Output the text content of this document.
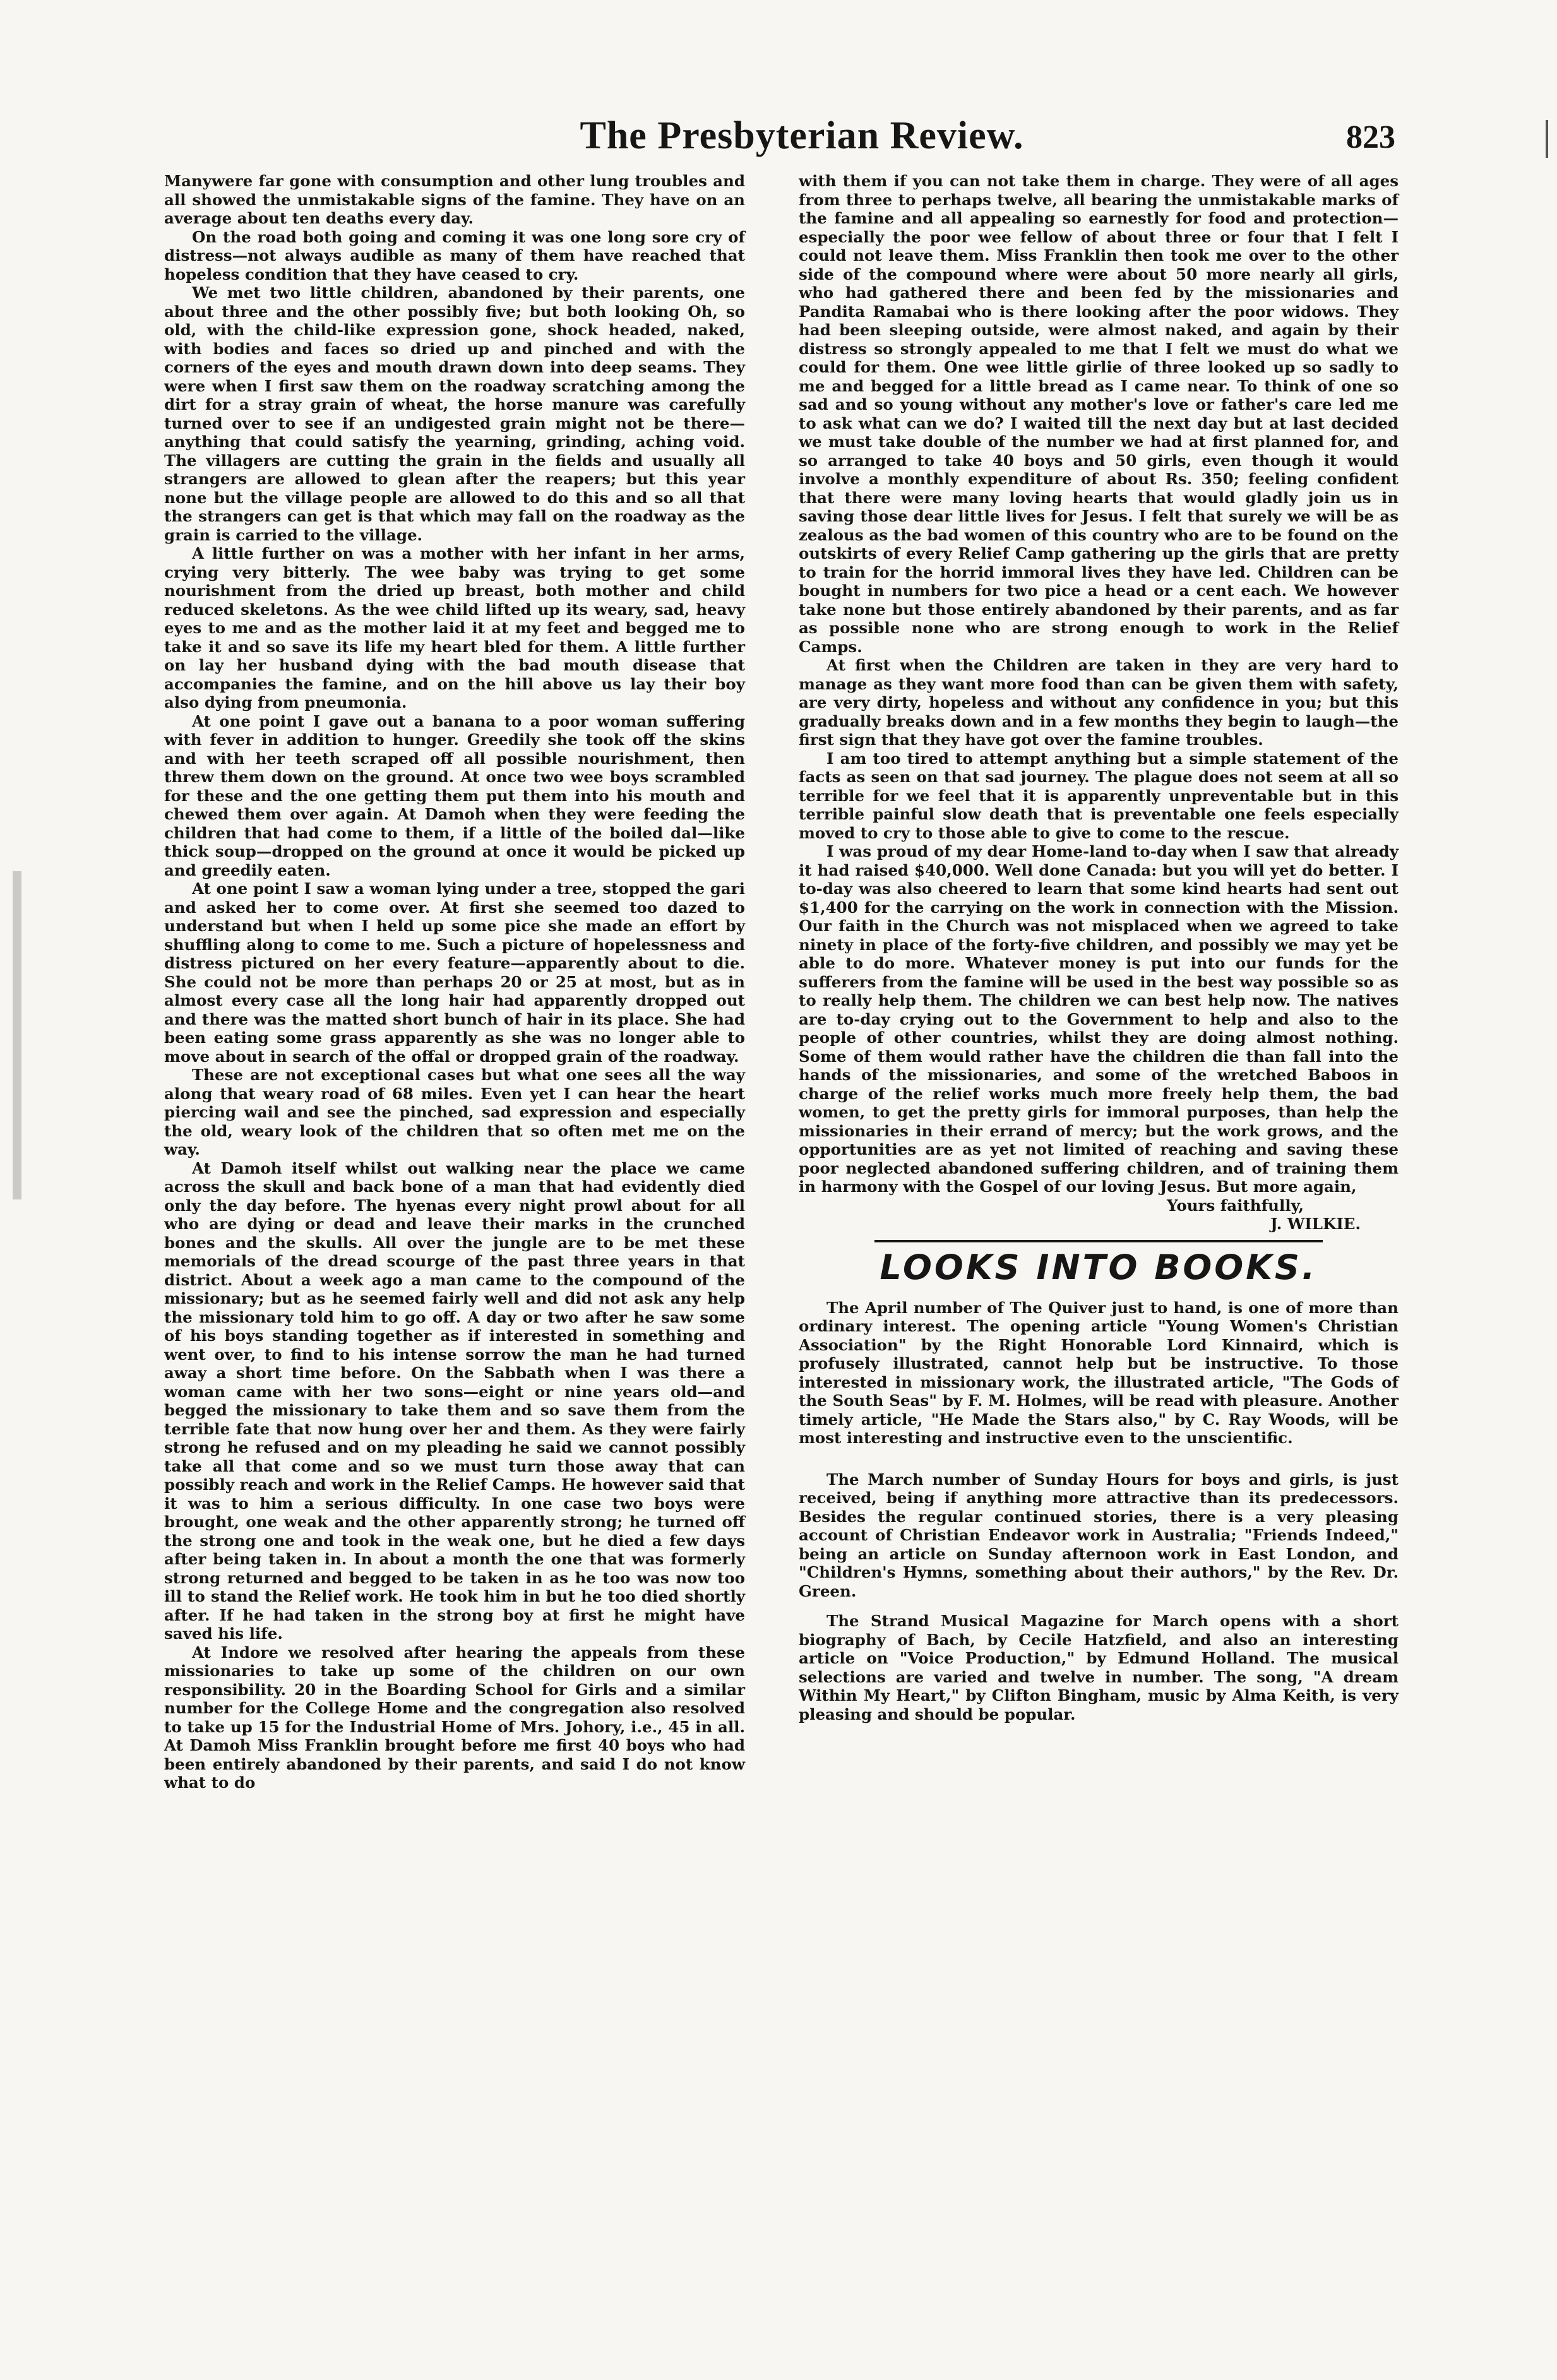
The Presbyterian Review.	823

Manywere far gone with consumption and other lung troubles and all showed the unmistakable signs of the famine. They have on an average about ten deaths every day.

On the road both going and coming it was one long sore cry of distress—not always audible as many of them have reached that hopeless condition that they have ceased to cry.

We met two little children, abandoned by their parents, one about three and the other possibly five; but both looking Oh, so old, with the child-like expression gone, shock headed, naked, with bodies and faces so dried up and pinched and with the corners of the eyes and mouth drawn down into deep seams. They were when I first saw them on the roadway scratching among the dirt for a stray grain of wheat, the horse manure was carefully turned over to see if an undigested grain might not be there—anything that could satisfy the yearning, grinding, aching void. The villagers are cutting the grain in the fields and usually all strangers are allowed to glean after the reapers; but this year none but the village people are allowed to do this and so all that the strangers can get is that which may fall on the roadway as the grain is carried to the village.

A little further on was a mother with her infant in her arms, crying very bitterly. The wee baby was trying to get some nourishment from the dried up breast, both mother and child reduced skeletons. As the wee child lifted up its weary, sad, heavy eyes to me and as the mother laid it at my feet and begged me to take it and so save its life my heart bled for them. A little further on lay her husband dying with the bad mouth disease that accompanies the famine, and on the hill above us lay their boy also dying from pneumonia.

At one point I gave out a banana to a poor woman suffering with fever in addition to hunger. Greedily she took off the skins and with her teeth scraped off all possible nourishment, then threw them down on the ground. At once two wee boys scrambled for these and the one getting them put them into his mouth and chewed them over again. At Damoh when they were feeding the children that had come to them, if a little of the boiled dal—like thick soup—dropped on the ground at once it would be picked up and greedily eaten.

At one point I saw a woman lying under a tree, stopped the gari and asked her to come over. At first she seemed too dazed to understand but when I held up some pice she made an effort by shuffling along to come to me. Such a picture of hopelessness and distress pictured on her every feature—apparently about to die. She could not be more than perhaps 20 or 25 at most, but as in almost every case all the long hair had apparently dropped out and there was the matted short bunch of hair in its place. She had been eating some grass apparently as she was no longer able to move about in search of the offal or dropped grain of the roadway.

These are not exceptional cases but what one sees all the way along that weary road of 68 miles. Even yet I can hear the heart piercing wail and see the pinched, sad expression and especially the old, weary look of the children that so often met me on the way.

At Damoh itself whilst out walking near the place we came across the skull and back bone of a man that had evidently died only the day before. The hyenas every night prowl about for all who are dying or dead and leave their marks in the crunched bones and the skulls. All over the jungle are to be met these memorials of the dread scourge of the past three years in that district. About a week ago a man came to the compound of the missionary; but as he seemed fairly well and did not ask any help the missionary told him to go off. A day or two after he saw some of his boys standing together as if interested in something and went over, to find to his intense sorrow the man he had turned away a short time before. On the Sabbath when I was there a woman came with her two sons—eight or nine years old—and begged the missionary to take them and so save them from the terrible fate that now hung over her and them. As they were fairly strong he refused and on my pleading he said we cannot possibly take all that come and so we must turn those away that can possibly reach and work in the Relief Camps. He however said that it was to him a serious difficulty. In one case two boys were brought, one weak and the other apparently strong; he turned off the strong one and took in the weak one, but he died a few days after being taken in. In about a month the one that was formerly strong returned and begged to be taken in as he too was now too ill to stand the Relief work. He took him in but he too died shortly after. If he had taken in the strong boy at first he might have saved his life.

At Indore we resolved after hearing the appeals from these missionaries to take up some of the children on our own responsibility. 20 in the Boarding School for Girls and a similar number for the College Home and the congregation also resolved to take up 15 for the Industrial Home of Mrs. Johory, i.e., 45 in all. At Damoh Miss Franklin brought before me first 40 boys who had been entirely abandoned by their parents, and said I do not know what to do

with them if you can not take them in charge. They were of all ages from three to perhaps twelve, all bearing the unmistakable marks of the famine and all appealing so earnestly for food and protection—especially the poor wee fellow of about three or four that I felt I could not leave them. Miss Franklin then took me over to the other side of the compound where were about 50 more nearly all girls, who had gathered there and been fed by the missionaries and Pandita Ramabai who is there looking after the poor widows. They had been sleeping outside, were almost naked, and again by their distress so strongly appealed to me that I felt we must do what we could for them. One wee little girlie of three looked up so sadly to me and begged for a little bread as I came near. To think of one so sad and so young without any mother's love or father's care led me to ask what can we do? I waited till the next day but at last decided we must take double of the number we had at first planned for, and so arranged to take 40 boys and 50 girls, even though it would involve a monthly expenditure of about Rs. 350; feeling confident that there were many loving hearts that would gladly join us in saving those dear little lives for Jesus. I felt that surely we will be as zealous as the bad women of this country who are to be found on the outskirts of every Relief Camp gathering up the girls that are pretty to train for the horrid immoral lives they have led. Children can be bought in numbers for two pice a head or a cent each. We however take none but those entirely abandoned by their parents, and as far as possible none who are strong enough to work in the Relief Camps.

At first when the Children are taken in they are very hard to manage as they want more food than can be given them with safety, are very dirty, hopeless and without any confidence in you; but this gradually breaks down and in a few months they begin to laugh—the first sign that they have got over the famine troubles.

I am too tired to attempt anything but a simple statement of the facts as seen on that sad journey. The plague does not seem at all so terrible for we feel that it is apparently unpreventable but in this terrible painful slow death that is preventable one feels especially moved to cry to those able to give to come to the rescue.

I was proud of my dear Home-land to-day when I saw that already it had raised $40,000. Well done Canada: but you will yet do better. I to-day was also cheered to learn that some kind hearts had sent out $1,400 for the carrying on the work in connection with the Mission. Our faith in the Church was not misplaced when we agreed to take ninety in place of the forty-five children, and possibly we may yet be able to do more. Whatever money is put into our funds for the sufferers from the famine will be used in the best way possible so as to really help them. The children we can best help now. The natives are to-day crying out to the Government to help and also to the people of other countries, whilst they are doing almost nothing. Some of them would rather have the children die than fall into the hands of the missionaries, and some of the wretched Baboos in charge of the relief works much more freely help them, the bad women, to get the pretty girls for immoral purposes, than help the missionaries in their errand of mercy; but the work grows, and the opportunities are as yet not limited of reaching and saving these poor neglected abandoned suffering children, and of training them in harmony with the Gospel of our loving Jesus. But more again,

Yours faithfully,
J. WILKIE.
LOOKS INTO BOOKS.

The April number of The Quiver just to hand, is one of more than ordinary interest. The opening article "Young Women's Christian Association" by the Right Honorable Lord Kinnaird, which is profusely illustrated, cannot help but be instructive. To those interested in missionary work, the illustrated article, "The Gods of the South Seas" by F. M. Holmes, will be read with pleasure. Another timely article, "He Made the Stars also," by C. Ray Woods, will be most interesting and instructive even to the unscientific.

The March number of Sunday Hours for boys and girls, is just received, being if anything more attractive than its predecessors. Besides the regular continued stories, there is a very pleasing account of Christian Endeavor work in Australia; "Friends Indeed," being an article on Sunday afternoon work in East London, and "Children's Hymns, something about their authors," by the Rev. Dr. Green.

The Strand Musical Magazine for March opens with a short biography of Bach, by Cecile Hatzfield, and also an interesting article on "Voice Production," by Edmund Holland. The musical selections are varied and twelve in number. The song, "A dream Within My Heart," by Clifton Bingham, music by Alma Keith, is very pleasing and should be popular.
